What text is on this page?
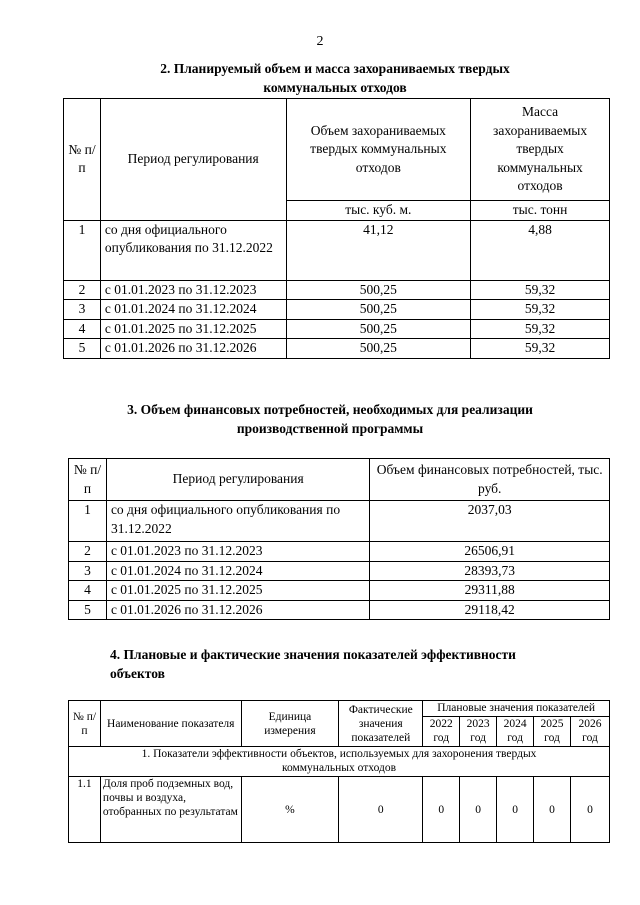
2
2. Планируемый объем и масса захораниваемых твердых
коммунальных отходов
№ п/п	Период регулирования	Объем захораниваемых твердых коммунальных отходов	Масса захораниваемых твердых коммунальных отходов
		тыс. куб. м.	тыс. тонн
1	со дня официального опубликования по 31.12.2022	41,12	4,88
2	с 01.01.2023 по 31.12.2023	500,25	59,32
3	с 01.01.2024 по 31.12.2024	500,25	59,32
4	с 01.01.2025 по 31.12.2025	500,25	59,32
5	с 01.01.2026 по 31.12.2026	500,25	59,32
3. Объем финансовых потребностей, необходимых для реализации
производственной программы
№ п/п	Период регулирования	Объем финансовых потребностей, тыс. руб.
1	со дня официального опубликования по 31.12.2022	2037,03
2	с 01.01.2023 по 31.12.2023	26506,91
3	с 01.01.2024 по 31.12.2024	28393,73
4	с 01.01.2025 по 31.12.2025	29311,88
5	с 01.01.2026 по 31.12.2026	29118,42
4. Плановые и фактические значения показателей эффективности
объектов
№ п/п	Наименование показателя	Единица измерения	Фактические значения показателей	Плановые значения показателей				
				2022 год	2023 год	2024 год	2025 год	2026 год
1. Показатели эффективности объектов, используемых для захоронения твердых коммунальных отходов								
1.1	Доля проб подземных вод, почвы и воздуха, отобранных по результатам	%	0	0	0	0	0	0
